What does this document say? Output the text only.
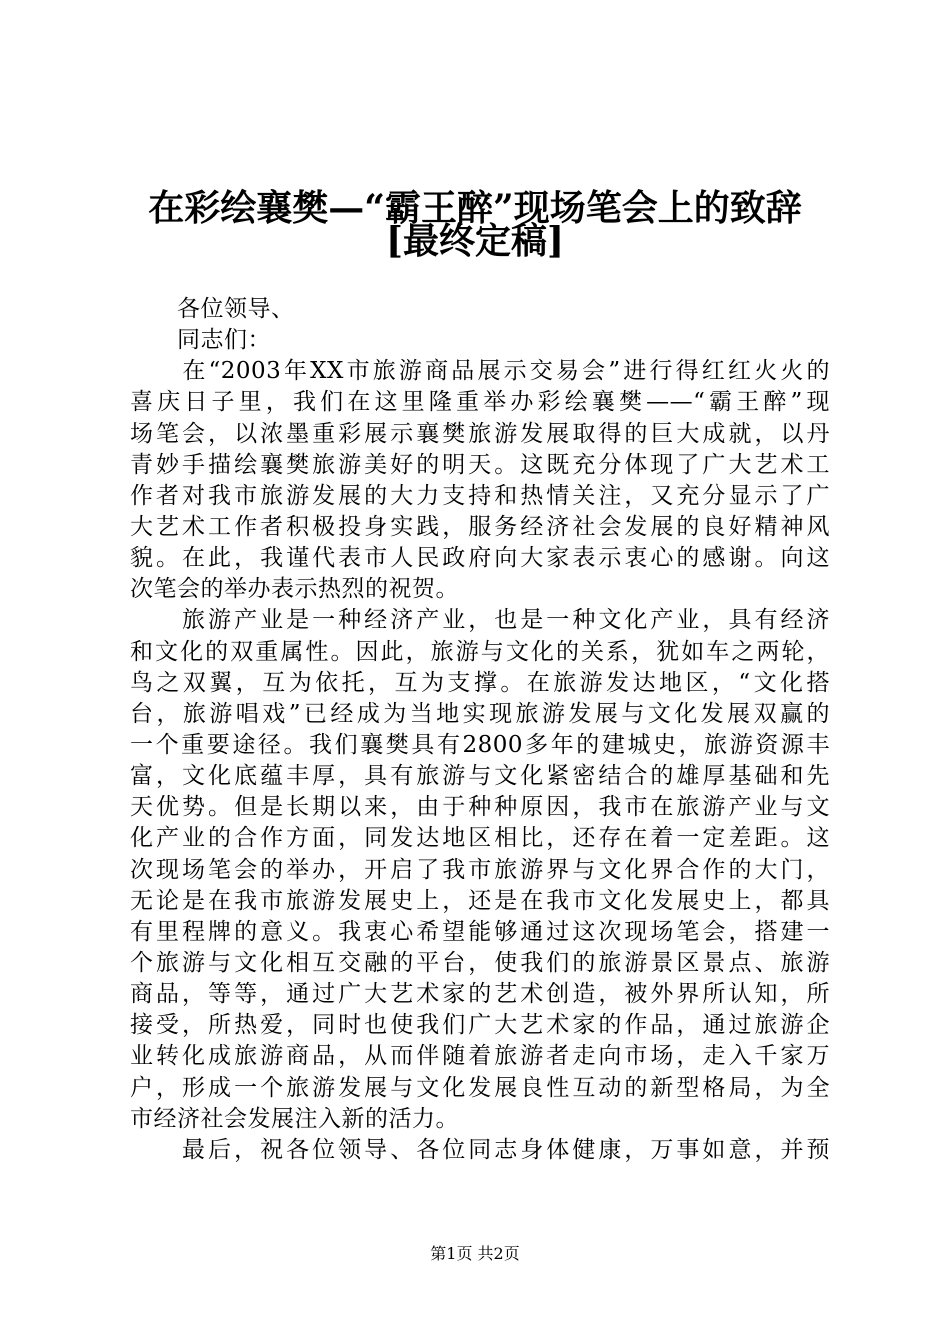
在彩绘襄樊—“霸王醉”现场笔会上的致辞
[最终定稿]
　　各位领导、
　　同志们：
　　在“2003年XX市旅游商品展示交易会”进行得红红火火的
喜庆日子里，我们在这里隆重举办彩绘襄樊——“霸王醉”现
场笔会，以浓墨重彩展示襄樊旅游发展取得的巨大成就，以丹
青妙手描绘襄樊旅游美好的明天。这既充分体现了广大艺术工
作者对我市旅游发展的大力支持和热情关注，又充分显示了广
大艺术工作者积极投身实践，服务经济社会发展的良好精神风
貌。在此，我谨代表市人民政府向大家表示衷心的感谢。向这
次笔会的举办表示热烈的祝贺。
　　旅游产业是一种经济产业，也是一种文化产业，具有经济
和文化的双重属性。因此，旅游与文化的关系，犹如车之两轮，
鸟之双翼，互为依托，互为支撑。在旅游发达地区，“文化搭
台，旅游唱戏”已经成为当地实现旅游发展与文化发展双赢的
一个重要途径。我们襄樊具有2800多年的建城史，旅游资源丰
富，文化底蕴丰厚，具有旅游与文化紧密结合的雄厚基础和先
天优势。但是长期以来，由于种种原因，我市在旅游产业与文
化产业的合作方面，同发达地区相比，还存在着一定差距。这
次现场笔会的举办，开启了我市旅游界与文化界合作的大门，
无论是在我市旅游发展史上，还是在我市文化发展史上，都具
有里程牌的意义。我衷心希望能够通过这次现场笔会，搭建一
个旅游与文化相互交融的平台，使我们的旅游景区景点、旅游
商品，等等，通过广大艺术家的艺术创造，被外界所认知，所
接受，所热爱，同时也使我们广大艺术家的作品，通过旅游企
业转化成旅游商品，从而伴随着旅游者走向市场，走入千家万
户，形成一个旅游发展与文化发展良性互动的新型格局，为全
市经济社会发展注入新的活力。
　　最后，祝各位领导、各位同志身体健康，万事如意，并预
第1页 共2页
